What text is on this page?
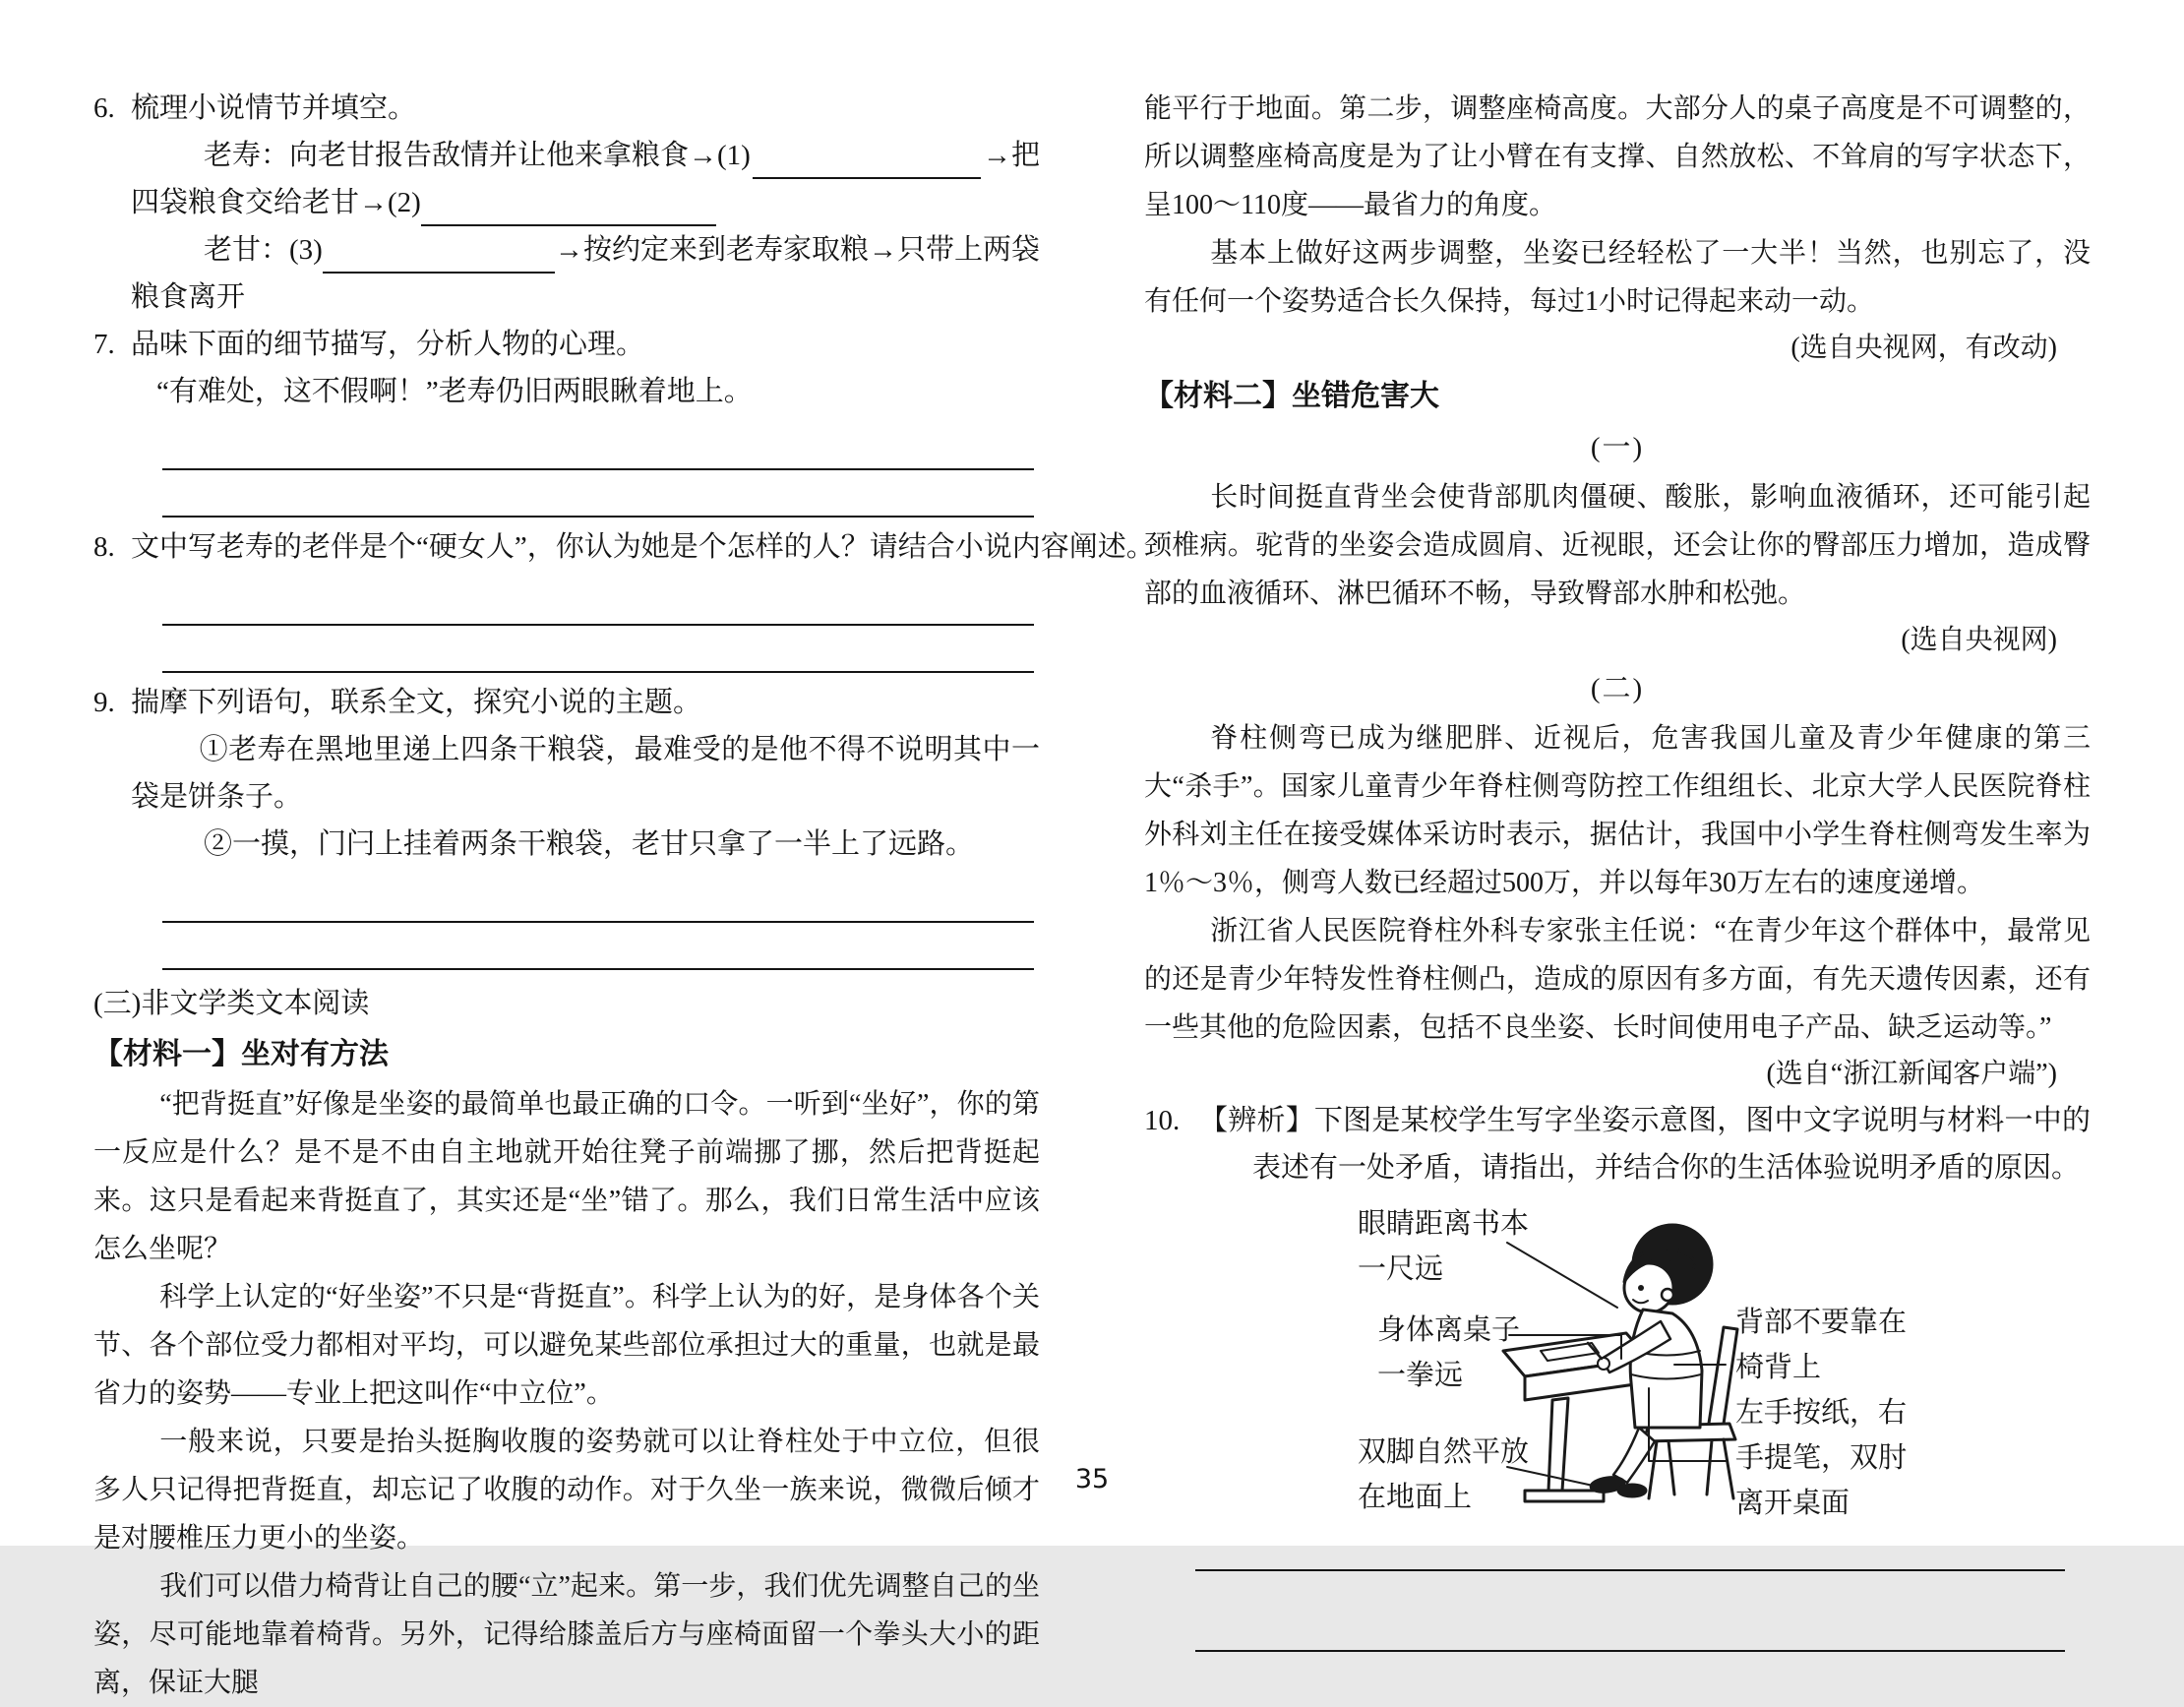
6. 梳理小说情节并填空。
老寿：向老甘报告敌情并让他来拿粮食→(1)	→把
四袋粮食交给老甘→(2)
老甘：(3)	→按约定来到老寿家取粮→只带上两袋
粮食离开
7. 品味下面的细节描写，分析人物的心理。
“有难处，这不假啊！”老寿仍旧两眼瞅着地上。
8. 文中写老寿的老伴是个“硬女人”，你认为她是个怎样的人？请结合小说内容阐述。
9. 揣摩下列语句，联系全文，探究小说的主题。
①老寿在黑地里递上四条干粮袋，最难受的是他不得不说明其中一袋是饼条子。
②一摸，门闩上挂着两条干粮袋，老甘只拿了一半上了远路。
(三)非文学类文本阅读
【材料一】坐对有方法
“把背挺直”好像是坐姿的最简单也最正确的口令。一听到“坐好”，你的第一反应是什么？是不是不由自主地就开始往凳子前端挪了挪，然后把背挺起来。这只是看起来背挺直了，其实还是“坐”错了。那么，我们日常生活中应该怎么坐呢？
科学上认定的“好坐姿”不只是“背挺直”。科学上认为的好，是身体各个关节、各个部位受力都相对平均，可以避免某些部位承担过大的重量，也就是最省力的姿势——专业上把这叫作“中立位”。
一般来说，只要是抬头挺胸收腹的姿势就可以让脊柱处于中立位，但很多人只记得把背挺直，却忘记了收腹的动作。对于久坐一族来说，微微后倾才是对腰椎压力更小的坐姿。
我们可以借力椅背让自己的腰“立”起来。第一步，我们优先调整自己的坐姿，尽可能地靠着椅背。另外，记得给膝盖后方与座椅面留一个拳头大小的距离，保证大腿
能平行于地面。第二步，调整座椅高度。大部分人的桌子高度是不可调整的，所以调整座椅高度是为了让小臂在有支撑、自然放松、不耸肩的写字状态下，呈100～110度——最省力的角度。
基本上做好这两步调整，坐姿已经轻松了一大半！当然，也别忘了，没有任何一个姿势适合长久保持，每过1小时记得起来动一动。
(选自央视网，有改动)
【材料二】坐错危害大
(一)
长时间挺直背坐会使背部肌肉僵硬、酸胀，影响血液循环，还可能引起颈椎病。驼背的坐姿会造成圆肩、近视眼，还会让你的臀部压力增加，造成臀部的血液循环、淋巴循环不畅，导致臀部水肿和松弛。
(选自央视网)
(二)
脊柱侧弯已成为继肥胖、近视后，危害我国儿童及青少年健康的第三大“杀手”。国家儿童青少年脊柱侧弯防控工作组组长、北京大学人民医院脊柱外科刘主任在接受媒体采访时表示，据估计，我国中小学生脊柱侧弯发生率为1％～3％，侧弯人数已经超过500万，并以每年30万左右的速度递增。
浙江省人民医院脊柱外科专家张主任说：“在青少年这个群体中，最常见的还是青少年特发性脊柱侧凸，造成的原因有多方面，有先天遗传因素，还有一些其他的危险因素，包括不良坐姿、长时间使用电子产品、缺乏运动等。”
(选自“浙江新闻客户端”)
10. 【辨析】下图是某校学生写字坐姿示意图，图中文字说明与材料一中的表述有一处矛盾，请指出，并结合你的生活体验说明矛盾的原因。
眼睛距离书本
一尺远
身体离桌子
一拳远
双脚自然平放
在地面上
背部不要靠在
椅背上
左手按纸，右
手提笔，双肘
离开桌面
35
